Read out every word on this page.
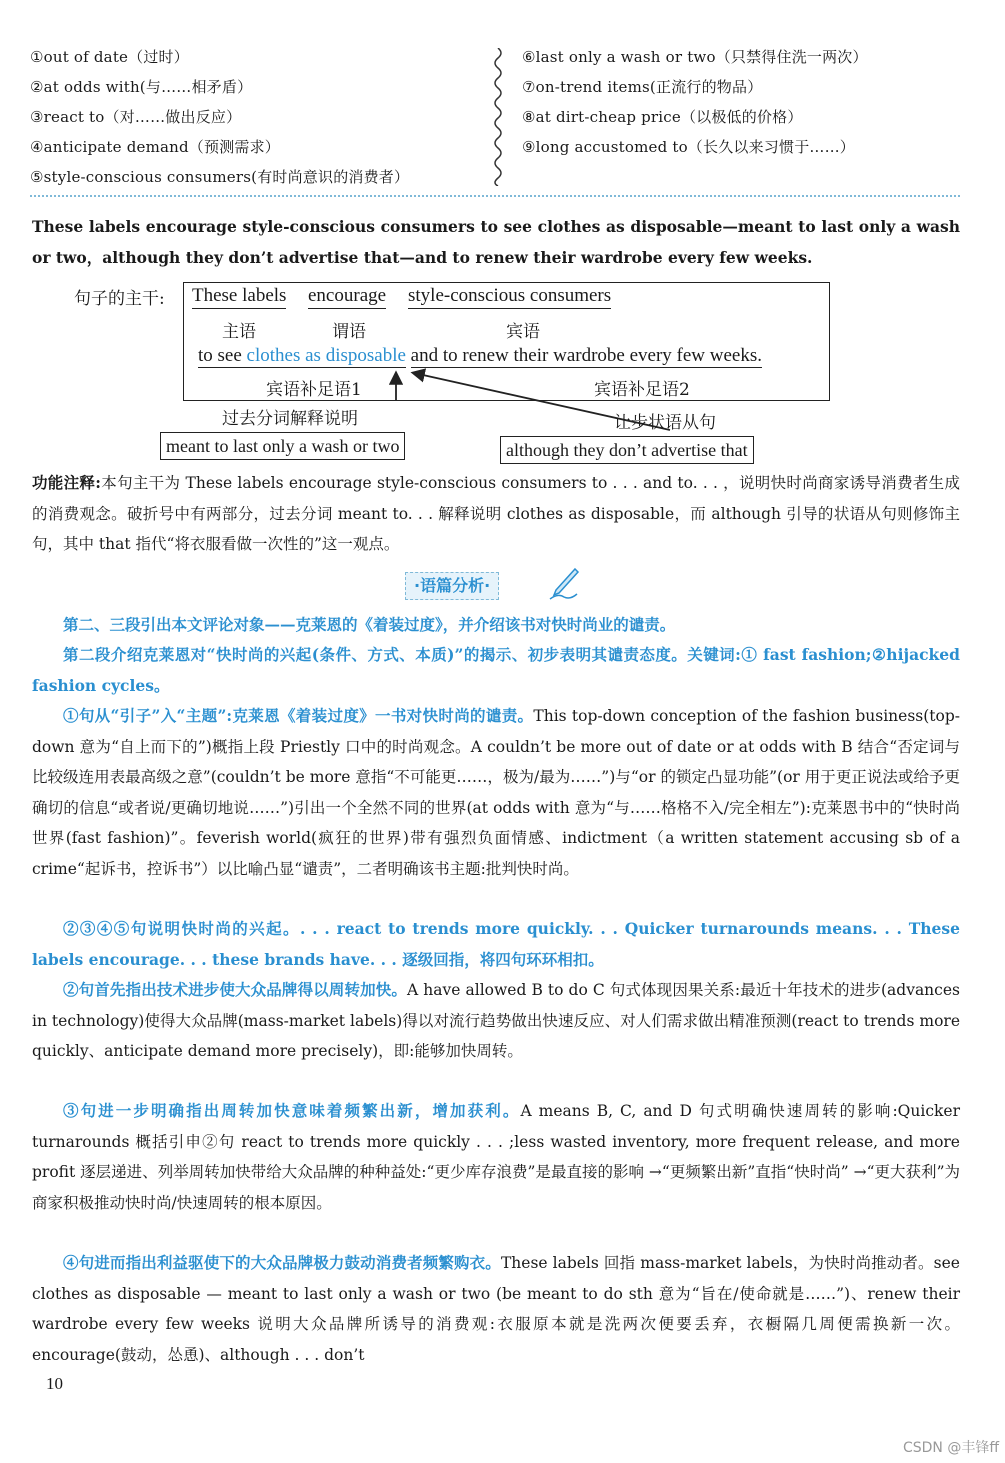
①out of date（过时）
②at odds with(与……相矛盾）
③react to（对……做出反应）
④anticipate demand（预测需求）
⑤style-conscious consumers(有时尚意识的消费者）
⑥last only a wash or two（只禁得住洗一两次）
⑦on-trend items(正流行的物品）
⑧at dirt-cheap price（以极低的价格）
⑨long accustomed to（长久以来习惯于……）

These labels encourage style-conscious consumers to see clothes as disposable—meant to last only a wash or two，although they don’t advertise that—and to renew their wardrobe every few weeks.

句子的主干: These labels encourage style-conscious consumers
主语	谓语	宾语
to see clothes as disposable and to renew their wardrobe every few weeks.
宾语补足语1	宾语补足语2
过去分词解释说明	让步状语从句
meant to last only a wash or two	although they don’t advertise that

功能注释:本句主干为 These labels encourage style-conscious consumers to . . . and to. . . ，说明快时尚商家诱导消费者生成的消费观念。破折号中有两部分，过去分词 meant to. . . 解释说明 clothes as disposable，而 although 引导的状语从句则修饰主句，其中 that 指代“将衣服看做一次性的”这一观点。

·语篇分析·

第二、三段引出本文评论对象——克莱恩的《着装过度》，并介绍该书对快时尚业的谴责。

第二段介绍克莱恩对“快时尚的兴起(条件、方式、本质)”的揭示、初步表明其谴责态度。关键词:① fast fashion;②hijacked fashion cycles。

①句从“引子”入“主题”:克莱恩《着装过度》一书对快时尚的谴责。This top-down conception of the fashion business(top-down 意为“自上而下的”)概指上段 Priestly 口中的时尚观念。A couldn’t be more out of date or at odds with B 结合“否定词与比较级连用表最高级之意”(couldn’t be more 意指“不可能更……，极为/最为……”)与“or 的锁定凸显功能”(or 用于更正说法或给予更确切的信息“或者说/更确切地说……”)引出一个全然不同的世界(at odds with 意为“与……格格不入/完全相左”):克莱恩书中的“快时尚世界(fast fashion)”。feverish world(疯狂的世界)带有强烈负面情感、indictment（a written statement accusing sb of a crime“起诉书，控诉书”）以比喻凸显“谴责”，二者明确该书主题:批判快时尚。

②③④⑤句说明快时尚的兴起。. . . react to trends more quickly. . . Quicker turnarounds means. . . These labels encourage. . . these brands have. . . 逐级回指，将四句环环相扣。

②句首先指出技术进步使大众品牌得以周转加快。A have allowed B to do C 句式体现因果关系:最近十年技术的进步(advances in technology)使得大众品牌(mass-market labels)得以对流行趋势做出快速反应、对人们需求做出精准预测(react to trends more quickly、anticipate demand more precisely)，即:能够加快周转。

③句进一步明确指出周转加快意味着频繁出新，增加获利。A means B, C, and D 句式明确快速周转的影响:Quicker turnarounds 概括引申②句 react to trends more quickly . . . ;less wasted inventory, more frequent release, and more profit 逐层递进、列举周转加快带给大众品牌的种种益处:“更少库存浪费”是最直接的影响 →“更频繁出新”直指“快时尚” →“更大获利”为商家积极推动快时尚/快速周转的根本原因。

④句进而指出利益驱使下的大众品牌极力鼓动消费者频繁购衣。These labels 回指 mass-market labels，为快时尚推动者。see clothes as disposable — meant to last only a wash or two (be meant to do sth 意为“旨在/使命就是……”)、renew their wardrobe every few weeks 说明大众品牌所诱导的消费观:衣服原本就是洗两次便要丢弃，衣橱隔几周便需换新一次。encourage(鼓动，怂恿)、although . . . don’t

10
CSDN @丰锋ff
